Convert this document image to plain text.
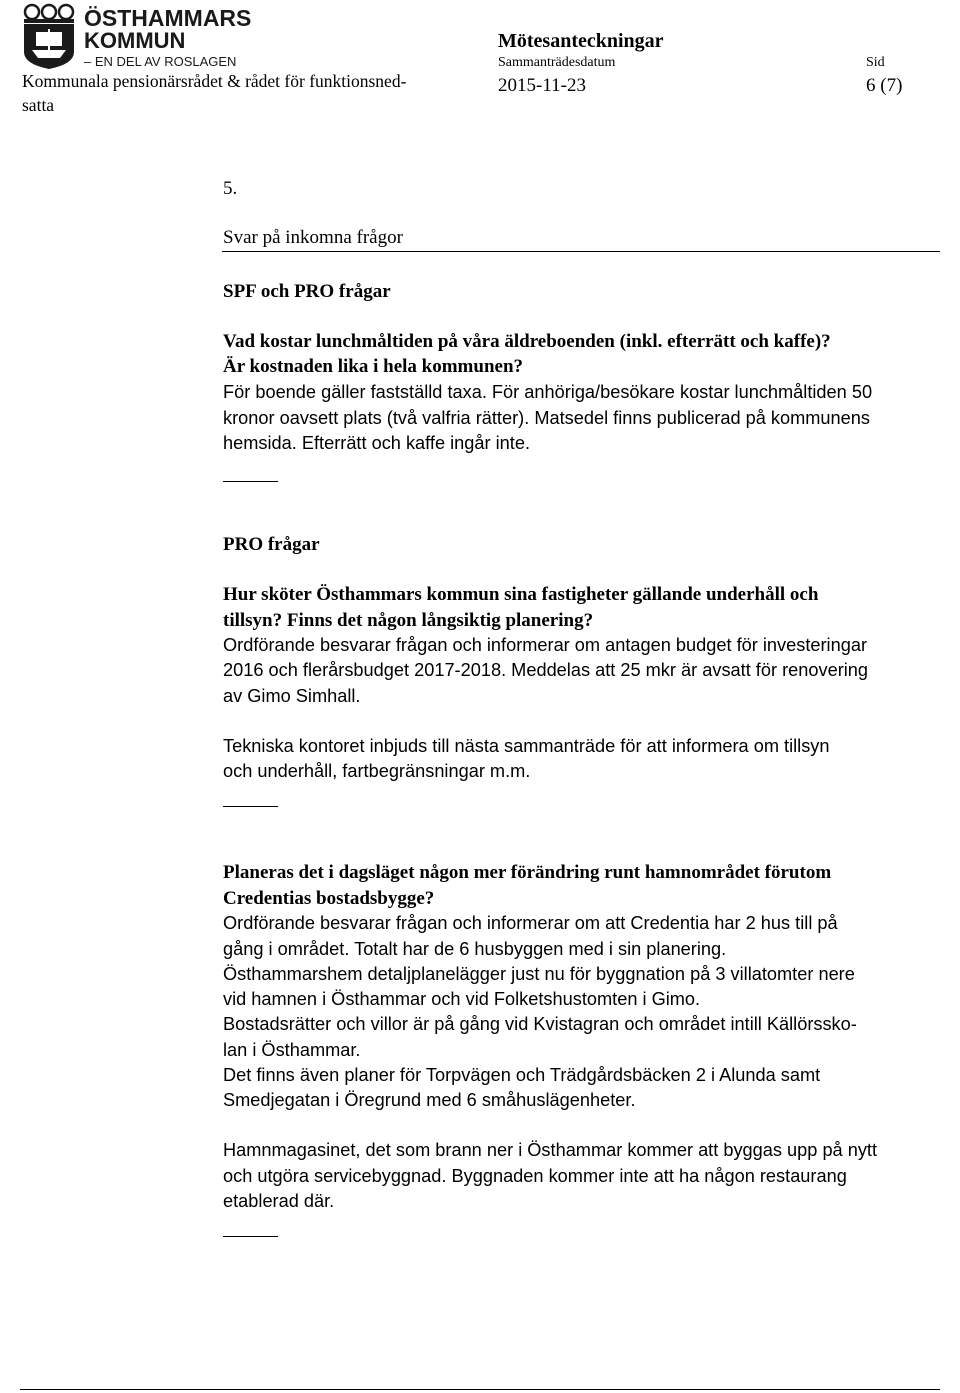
ÖSTHAMMARS
KOMMUN
– EN DEL AV ROSLAGEN
Kommunala pensionärsrådet & rådet för funktionsned-
satta
Mötesanteckningar
Sammanträdesdatum
2015-11-23
Sid
6 (7)
5.
Svar på inkomna frågor
SPF och PRO frågar
Vad kostar lunchmåltiden på våra äldreboenden (inkl. efterrätt och kaffe)?
Är kostnaden lika i hela kommunen?
För boende gäller fastställd taxa. För anhöriga/besökare kostar lunchmåltiden 50
kronor oavsett plats (två valfria rätter). Matsedel finns publicerad på kommunens
hemsida. Efterrätt och kaffe ingår inte.
PRO frågar
Hur sköter Östhammars kommun sina fastigheter gällande underhåll och
tillsyn? Finns det någon långsiktig planering?
Ordförande besvarar frågan och informerar om antagen budget för investeringar
2016 och flerårsbudget 2017-2018. Meddelas att 25 mkr är avsatt för renovering
av Gimo Simhall.
Tekniska kontoret inbjuds till nästa sammanträde för att informera om tillsyn
och underhåll, fartbegränsningar m.m.
Planeras det i dagsläget någon mer förändring runt hamnområdet förutom
Credentias bostadsbygge?
Ordförande besvarar frågan och informerar om att Credentia har 2 hus till på
gång i området. Totalt har de 6 husbyggen med i sin planering.
Östhammarshem detaljplanelägger just nu för byggnation på 3 villatomter nere
vid hamnen i Östhammar och vid Folketshustomten i Gimo.
Bostadsrätter och villor är på gång vid Kvistagran och området intill Källörssko-
lan i Östhammar.
Det finns även planer för Torpvägen och Trädgårdsbäcken 2 i Alunda samt
Smedjegatan i Öregrund med 6 småhuslägenheter.
Hamnmagasinet, det som brann ner i Östhammar kommer att byggas upp på nytt
och utgöra servicebyggnad. Byggnaden kommer inte att ha någon restaurang
etablerad där.
